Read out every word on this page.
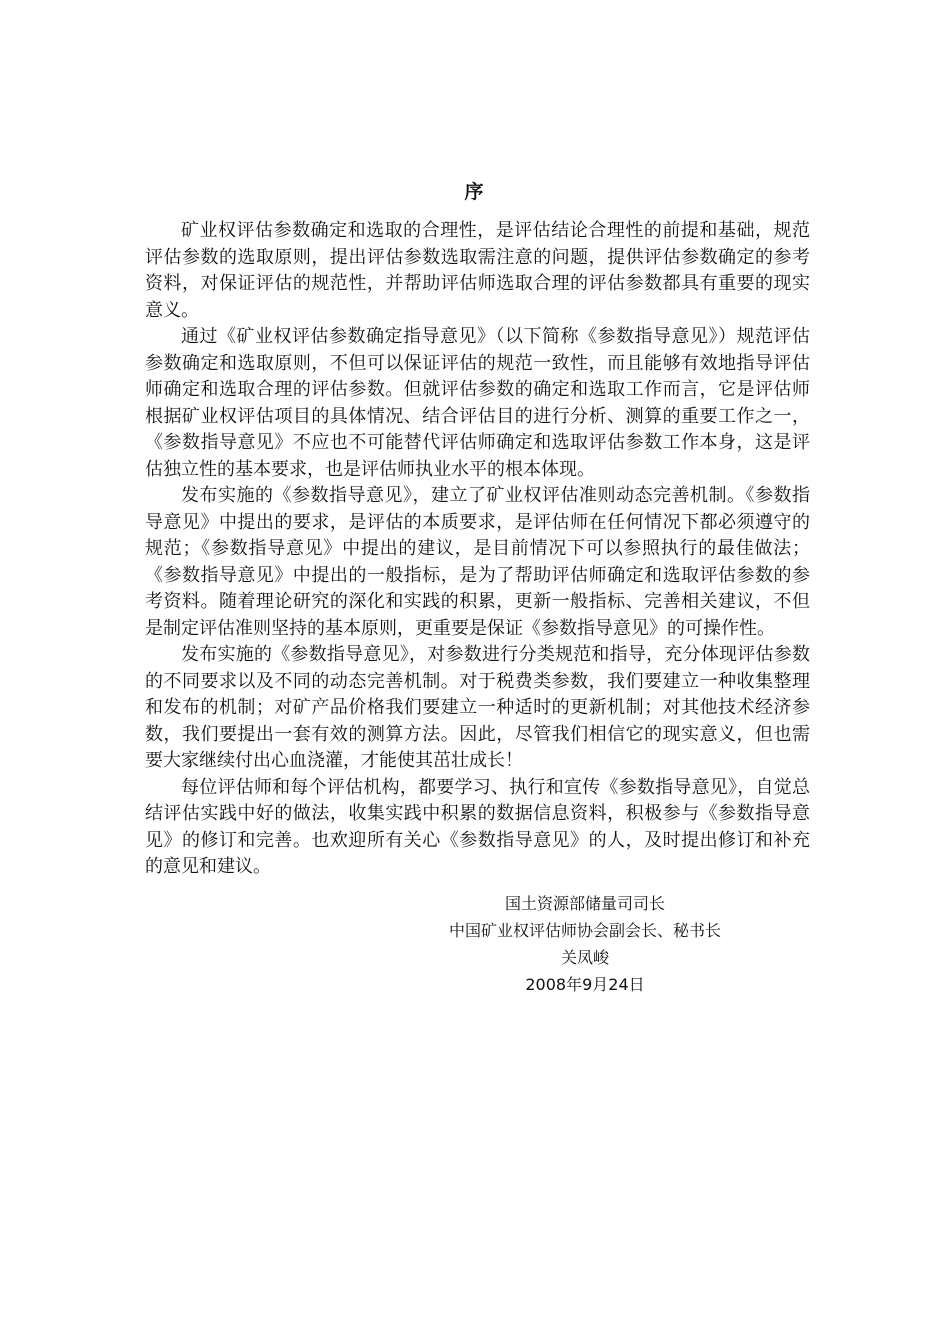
序

矿业权评估参数确定和选取的合理性，是评估结论合理性的前提和基础，规范评估参数的选取原则，提出评估参数选取需注意的问题，提供评估参数确定的参考资料，对保证评估的规范性，并帮助评估师选取合理的评估参数都具有重要的现实意义。

通过《矿业权评估参数确定指导意见》（以下简称《参数指导意见》）规范评估参数确定和选取原则，不但可以保证评估的规范一致性，而且能够有效地指导评估师确定和选取合理的评估参数。但就评估参数的确定和选取工作而言，它是评估师根据矿业权评估项目的具体情况、结合评估目的进行分析、测算的重要工作之一，《参数指导意见》不应也不可能替代评估师确定和选取评估参数工作本身，这是评估独立性的基本要求，也是评估师执业水平的根本体现。

发布实施的《参数指导意见》，建立了矿业权评估准则动态完善机制。《参数指导意见》中提出的要求，是评估的本质要求，是评估师在任何情况下都必须遵守的规范；《参数指导意见》中提出的建议，是目前情况下可以参照执行的最佳做法；《参数指导意见》中提出的一般指标，是为了帮助评估师确定和选取评估参数的参考资料。随着理论研究的深化和实践的积累，更新一般指标、完善相关建议，不但是制定评估准则坚持的基本原则，更重要是保证《参数指导意见》的可操作性。

发布实施的《参数指导意见》，对参数进行分类规范和指导，充分体现评估参数的不同要求以及不同的动态完善机制。对于税费类参数，我们要建立一种收集整理和发布的机制；对矿产品价格我们要建立一种适时的更新机制；对其他技术经济参数，我们要提出一套有效的测算方法。因此，尽管我们相信它的现实意义，但也需要大家继续付出心血浇灌，才能使其茁壮成长！

每位评估师和每个评估机构，都要学习、执行和宣传《参数指导意见》，自觉总结评估实践中好的做法，收集实践中积累的数据信息资料，积极参与《参数指导意见》的修订和完善。也欢迎所有关心《参数指导意见》的人，及时提出修订和补充的意见和建议。

国土资源部储量司司长
中国矿业权评估师协会副会长、秘书长
关凤峻
2008年9月24日
